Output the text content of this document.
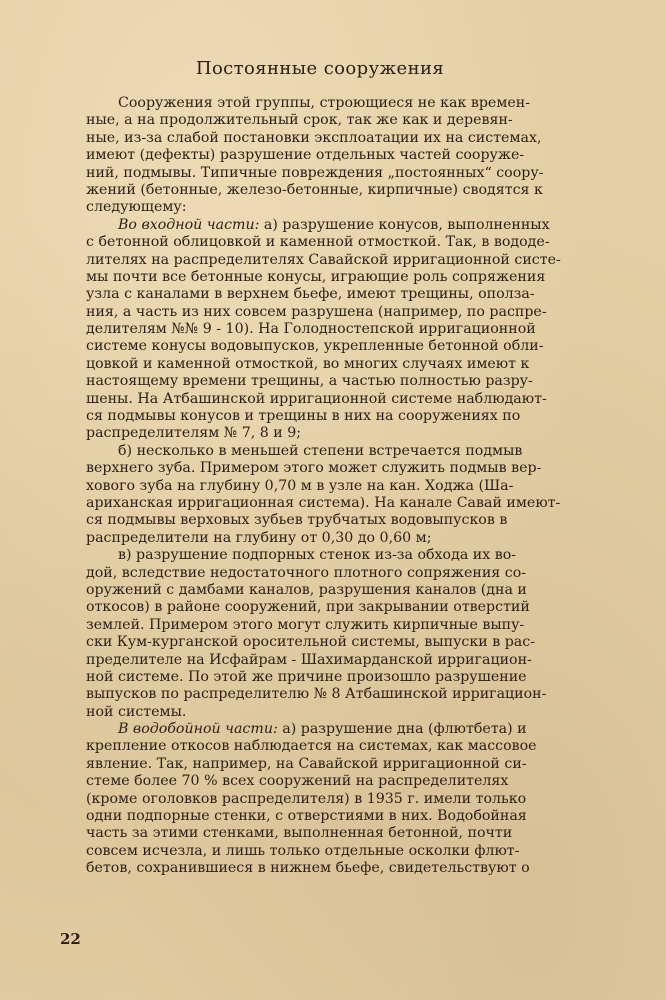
Постоянные сооружения
Сооружения этой группы, строющиеся не как времен-
ные, а на продолжительный срок, так же как и деревян-
ные, из-за слабой постановки эксплоатации их на системах,
имеют (дефекты) разрушение отдельных частей сооруже-
ний, подмывы. Типичные повреждения „постоянных“ соору-
жений (бетонные, железо-бетонные, кирпичные) сводятся к
следующему:
Во входной части: а) разрушение конусов, выполненных
с бетонной облицовкой и каменной отмосткой. Так, в вододе-
лителях на распределителях Савайской ирригационной систе-
мы почти все бетонные конусы, играющие роль сопряжения
узла с каналами в верхнем бьефе, имеют трещины, оползa-
ния, а часть из них совсем разрушена (например, по распре-
делителям №№ 9 - 10). На Голодностепской ирригационной
системе конусы водовыпусков, укрепленные бетонной обли-
цовкой и каменной отмосткой, во многих случаях имеют к
настоящему времени трещины, а частью полностью разру-
шены. На Атбашинской ирригационной системе наблюдают-
ся подмывы конусов и трещины в них на сооружениях по
распределителям № 7, 8 и 9;
б) несколько в меньшей степени встречается подмыв
верхнего зуба. Примером этого может служить подмыв вер-
хового зуба на глубину 0,70 м в узле на кан. Ходжа (Ша-
ариханская ирригационная система). На канале Савай имеют-
ся подмывы верховых зубьев трубчатых водовыпусков в
распределители на глубину от 0,30 до 0,60 м;
в) разрушение подпорных стенок из-за обхода их во-
дой, вследствие недостаточного плотного сопряжения со-
оружений с дамбами каналов, разрушения каналов (дна и
откосов) в районе сооружений, при закрывании отверстий
землей. Примером этого могут служить кирпичные выпу-
ски Кум-курганской оросительной системы, выпуски в рас-
пределителе на Исфайрам - Шахимардaнской ирригацион-
ной системе. По этой же причине произошло разрушение
выпусков по распределителю № 8 Атбашинской ирригацион-
ной системы.
В водобойной части: а) разрушение дна (флютбета) и
крепление откосов наблюдается на системах, как массовое
явление. Так, например, на Савайской ирригационной си-
стеме более 70 % всех сооружений на распределителях
(кроме оголовков распределителя) в 1935 г. имели только
одни подпорные стенки, с отверстиями в них. Водобойная
часть за этими стенками, выполненная бетонной, почти
совсем исчезла, и лишь только отдельные осколки флют-
бетов, сохранившиеся в нижнем бьефе, свидетельствуют о
22
